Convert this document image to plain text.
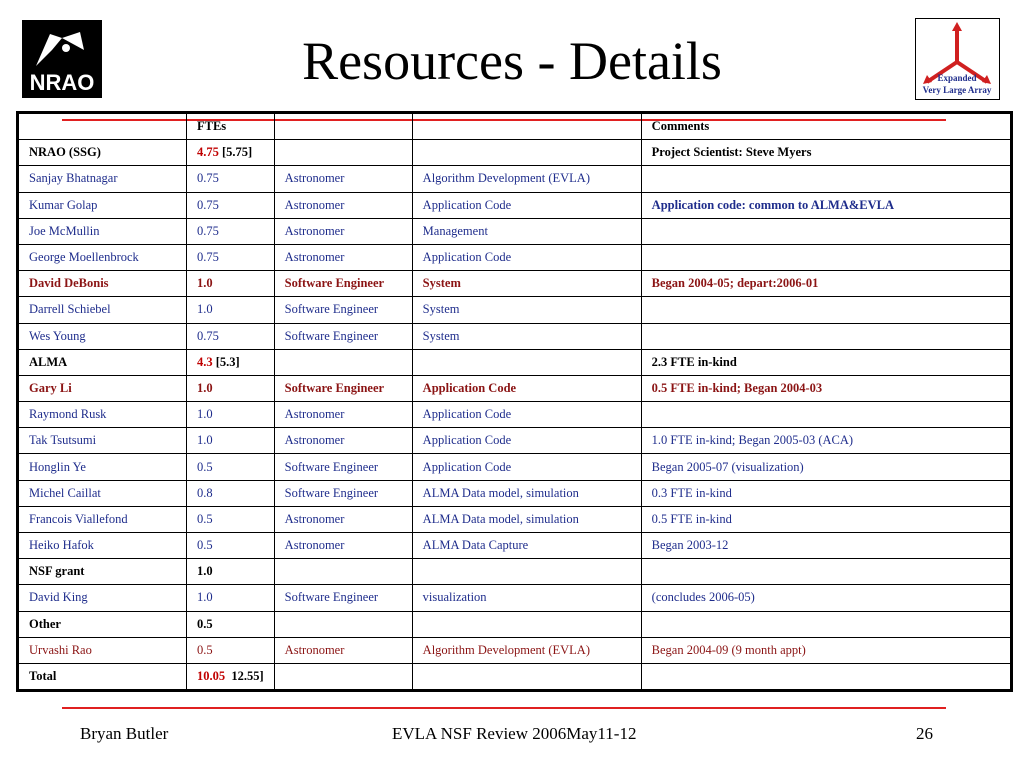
Resources - Details
NRAO	Expanded
Very Large Array
	FTEs			Comments
NRAO (SSG)	4.75 [5.75]			Project Scientist: Steve Myers
Sanjay Bhatnagar	0.75	Astronomer	Algorithm Development (EVLA)	
Kumar Golap	0.75	Astronomer	Application Code	Application code: common to ALMA&EVLA
Joe McMullin	0.75	Astronomer	Management	
George Moellenbrock	0.75	Astronomer	Application Code	
David DeBonis	1.0	Software Engineer	System	Began 2004-05; depart:2006-01
Darrell Schiebel	1.0	Software Engineer	System	
Wes Young	0.75	Software Engineer	System	
ALMA	4.3 [5.3]			2.3 FTE in-kind
Gary Li	1.0	Software Engineer	Application Code	0.5 FTE in-kind; Began 2004-03
Raymond Rusk	1.0	Astronomer	Application Code	
Tak Tsutsumi	1.0	Astronomer	Application Code	1.0 FTE in-kind; Began 2005-03 (ACA)
Honglin Ye	0.5	Software Engineer	Application Code	Began 2005-07 (visualization)
Michel Caillat	0.8	Software Engineer	ALMA Data model, simulation	0.3 FTE in-kind
Francois Viallefond	0.5	Astronomer	ALMA Data model, simulation	0.5 FTE in-kind
Heiko Hafok	0.5	Astronomer	ALMA Data Capture	Began 2003-12
NSF grant	1.0			
David King	1.0	Software Engineer	visualization	(concludes 2006-05)
Other	0.5			
Urvashi Rao	0.5	Astronomer	Algorithm Development (EVLA)	Began 2004-09 (9 month appt)
Total	10.05 12.55]			
Bryan Butler	EVLA NSF Review 2006May11-12	26
